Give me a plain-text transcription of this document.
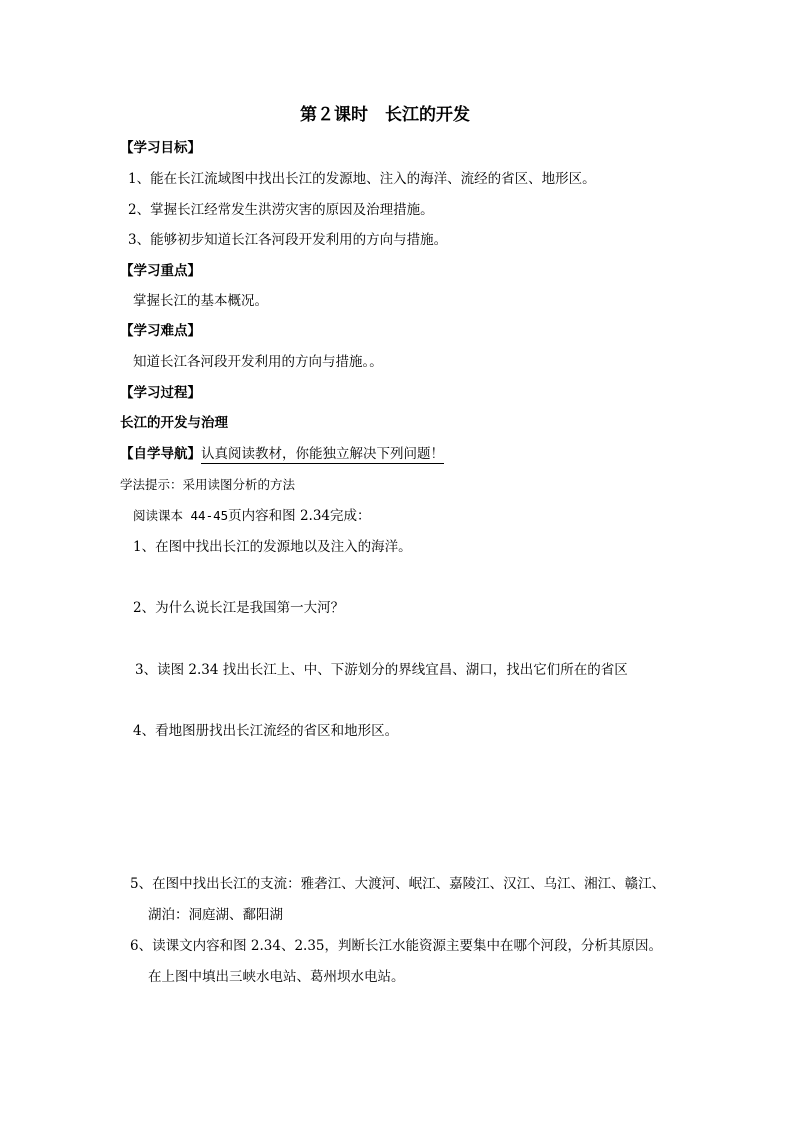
第２课时　长江的开发
【学习目标】
1、能在长江流域图中找出长江的发源地、注入的海洋、流经的省区、地形区。
2、掌握长江经常发生洪涝灾害的原因及治理措施。
3、能够初步知道长江各河段开发利用的方向与措施。
【学习重点】
掌握长江的基本概况。
【学习难点】
知道长江各河段开发利用的方向与措施。。
【学习过程】
长江的开发与治理
【自学导航】认真阅读教材，你能独立解决下列问题！
学法提示：采用读图分析的方法
阅读课本 44-45页内容和图 2.34完成：
1、在图中找出长江的发源地以及注入的海洋。
2、为什么说长江是我国第一大河？
3、读图 2.34 找出长江上、中、下游划分的界线宜昌、湖口，找出它们所在的省区
4、看地图册找出长江流经的省区和地形区。
5、在图中找出长江的支流：雅砻江、大渡河、岷江、嘉陵江、汉江、乌江、湘江、赣江、
湖泊：洞庭湖、鄱阳湖
6、读课文内容和图 2.34、2.35，判断长江水能资源主要集中在哪个河段，分析其原因。
在上图中填出三峡水电站、葛州坝水电站。
